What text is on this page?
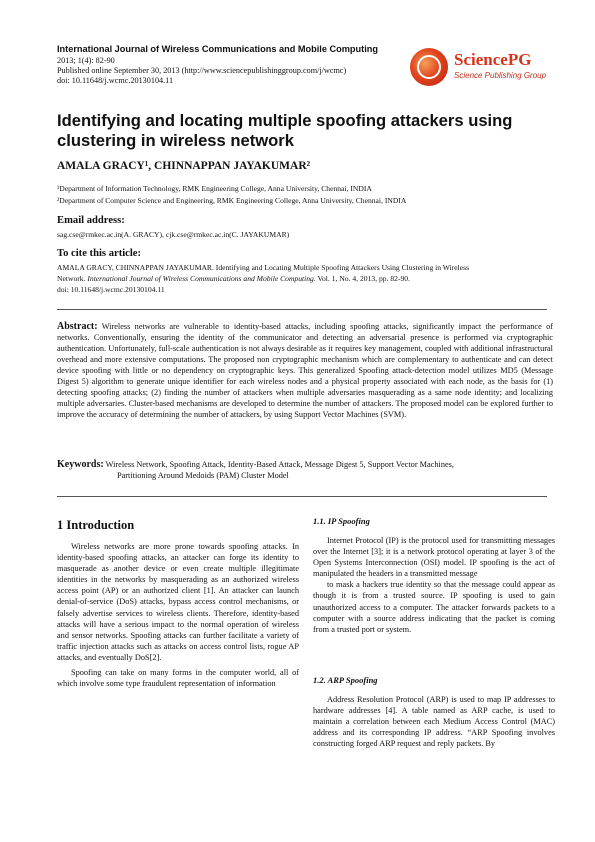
International Journal of Wireless Communications and Mobile Computing
2013; 1(4): 82-90
Published online September 30, 2013 (http://www.sciencepublishinggroup.com/j/wcmc)
doi: 10.11648/j.wcmc.20130104.11
SciencePG
Science Publishing Group
Identifying and locating multiple spoofing attackers using clustering in wireless network
AMALA GRACY¹, CHINNAPPAN JAYAKUMAR²
¹Department of Information Technology, RMK Engineering College, Anna University, Chennai, INDIA
²Department of Computer Science and Engineering, RMK Engineering College, Anna University, Chennai, INDIA
Email address:
sag.cse@rmkec.ac.in(A. GRACY), cjk.cse@rmkec.ac.in(C. JAYAKUMAR)
To cite this article:
AMALA GRACY, CHINNAPPAN JAYAKUMAR. Identifying and Locating Multiple Spoofing Attackers Using Clustering in Wireless
Network. International Journal of Wireless Communications and Mobile Computing. Vol. 1, No. 4, 2013, pp. 82-90.
doi: 10.11648/j.wcmc.20130104.11
Abstract: Wireless networks are vulnerable to identity-based attacks, including spoofing attacks, significantly impact the performance of networks. Conventionally, ensuring the identity of the communicator and detecting an adversarial presence is performed via cryptographic authentication. Unfortunately, full-scale authentication is not always desirable as it requires key management, coupled with additional infrastructural overhead and more extensive computations. The proposed non cryptographic mechanism which are complementary to authenticate and can detect device spoofing with little or no dependency on cryptographic keys. This generalized Spoofing attack-detection model utilizes MD5 (Message Digest 5) algorithm to generate unique identifier for each wireless nodes and a physical property associated with each node, as the basis for (1) detecting spoofing attacks; (2) finding the number of attackers when multiple adversaries masquerading as a same node identity; and localizing multiple adversaries. Cluster-based mechanisms are developed to determine the number of attackers. The proposed model can be explored further to improve the accuracy of determining the number of attackers, by using Support Vector Machines (SVM).
Keywords: Wireless Network, Spoofing Attack, Identity-Based Attack, Message Digest 5, Support Vector Machines,
Partitioning Around Medoids (PAM) Cluster Model
1 Introduction

Wireless networks are more prone towards spoofing attacks. In identity-based spoofing attacks, an attacker can forge its identity to masquerade as another device or even create multiple illegitimate identities in the networks by masquerading as an authorized wireless access point (AP) or an authorized client [1]. An attacker can launch denial-of-service (DoS) attacks, bypass access control mechanisms, or falsely advertise services to wireless clients. Therefore, identity-based attacks will have a serious impact to the normal operation of wireless and sensor networks. Spoofing attacks can further facilitate a variety of traffic injection attacks such as attacks on access control lists, rogue AP attacks, and eventually DoS[2].

Spoofing can take on many forms in the computer world, all of which involve some type fraudulent representation of information

1.1. IP Spoofing

Internet Protocol (IP) is the protocol used for transmitting messages over the Internet [3]; it is a network protocol operating at layer 3 of the Open Systems Interconnection (OSI) model. IP spoofing is the act of manipulated the headers in a transmitted message

to mask a hackers true identity so that the message could appear as though it is from a trusted source. IP spoofing is used to gain unauthorized access to a computer. The attacker forwards packets to a computer with a source address indicating that the packet is coming from a trusted port or system.

1.2. ARP Spoofing

Address Resolution Protocol (ARP) is used to map IP addresses to hardware addresses [4]. A table named as ARP cache, is used to maintain a correlation between each Medium Access Control (MAC) address and its corresponding IP address. “ARP Spoofing involves constructing forged ARP request and reply packets. By
